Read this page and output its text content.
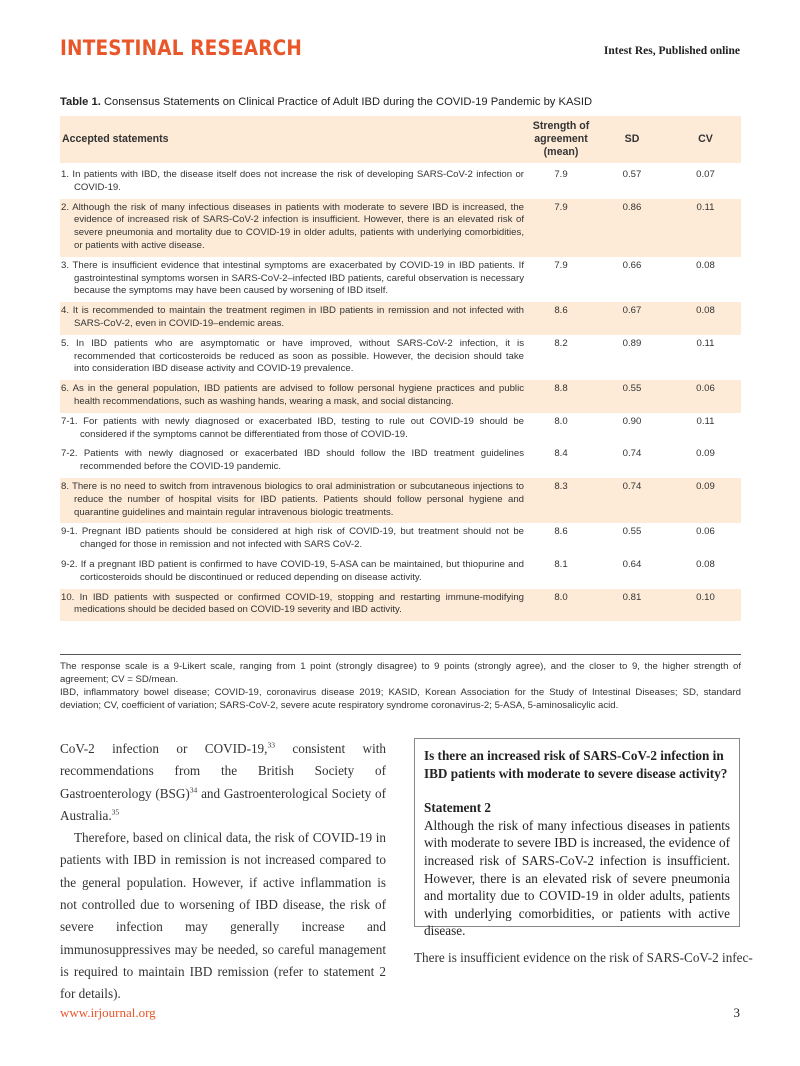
INTESTINAL RESEARCH	Intest Res, Published online
Table 1. Consensus Statements on Clinical Practice of Adult IBD during the COVID-19 Pandemic by KASID
Accepted statements	Strength of agreement (mean)	SD	CV

1. In patients with IBD, the disease itself does not increase the risk of developing SARS-CoV-2 infection or COVID-19.	7.9	0.57	0.07

2. Although the risk of many infectious diseases in patients with moderate to severe IBD is increased, the evidence of increased risk of SARS-CoV-2 infection is insufficient. However, there is an elevated risk of severe pneumonia and mortality due to COVID-19 in older adults, patients with underlying comorbidities, or patients with active disease.	7.9	0.86	0.11

3. There is insufficient evidence that intestinal symptoms are exacerbated by COVID-19 in IBD patients. If gastrointestinal symptoms worsen in SARS-CoV-2–infected IBD patients, careful observation is necessary because the symptoms may have been caused by worsening of IBD itself.	7.9	0.66	0.08

4. It is recommended to maintain the treatment regimen in IBD patients in remission and not infected with SARS-CoV-2, even in COVID-19–endemic areas.	8.6	0.67	0.08

5. In IBD patients who are asymptomatic or have improved, without SARS-CoV-2 infection, it is recommended that corticosteroids be reduced as soon as possible. However, the decision should take into consideration IBD disease activity and COVID-19 prevalence.	8.2	0.89	0.11

6. As in the general population, IBD patients are advised to follow personal hygiene practices and public health recommendations, such as washing hands, wearing a mask, and social distancing.	8.8	0.55	0.06

7-1. For patients with newly diagnosed or exacerbated IBD, testing to rule out COVID-19 should be considered if the symptoms cannot be differentiated from those of COVID-19.	8.0	0.90	0.11

7-2. Patients with newly diagnosed or exacerbated IBD should follow the IBD treatment guidelines recommended before the COVID-19 pandemic.	8.4	0.74	0.09

8. There is no need to switch from intravenous biologics to oral administration or subcutaneous injections to reduce the number of hospital visits for IBD patients. Patients should follow personal hygiene and quarantine guidelines and maintain regular intravenous biologic treatments.	8.3	0.74	0.09

9-1. Pregnant IBD patients should be considered at high risk of COVID-19, but treatment should not be changed for those in remission and not infected with SARS CoV-2.	8.6	0.55	0.06

9-2. If a pregnant IBD patient is confirmed to have COVID-19, 5-ASA can be maintained, but thiopurine and corticosteroids should be discontinued or reduced depending on disease activity.	8.1	0.64	0.08

10. In IBD patients with suspected or confirmed COVID-19, stopping and restarting immune-modifying medications should be decided based on COVID-19 severity and IBD activity.	8.0	0.81	0.10

The response scale is a 9-Likert scale, ranging from 1 point (strongly disagree) to 9 points (strongly agree), and the closer to 9, the higher strength of agreement; CV = SD/mean.

IBD, inflammatory bowel disease; COVID-19, coronavirus disease 2019; KASID, Korean Association for the Study of Intestinal Diseases; SD, standard deviation; CV, coefficient of variation; SARS-CoV-2, severe acute respiratory syndrome coronavirus-2; 5-ASA, 5-aminosalicylic acid.

CoV-2 infection or COVID-19,33 consistent with recommendations from the British Society of Gastroenterology (BSG)$^{34}$ and Gastroenterological Society of Australia.$^{35}$

Therefore, based on clinical data, the risk of COVID-19 in patients with IBD in remission is not increased compared to the general population. However, if active inflammation is not controlled due to worsening of IBD disease, the risk of severe infection may generally increase and immunosuppressives may be needed, so careful management is required to maintain IBD remission (refer to statement 2 for details).

Is there an increased risk of SARS-CoV-2 infection in IBD patients with moderate to severe disease activity?

Statement 2

Although the risk of many infectious diseases in patients with moderate to severe IBD is increased, the evidence of increased risk of SARS-CoV-2 infection is insufficient. However, there is an elevated risk of severe pneumonia and mortality due to COVID-19 in older adults, patients with underlying comorbidities, or patients with active disease.

There is insufficient evidence on the risk of SARS-CoV-2 infec-
www.irjournal.org	3
